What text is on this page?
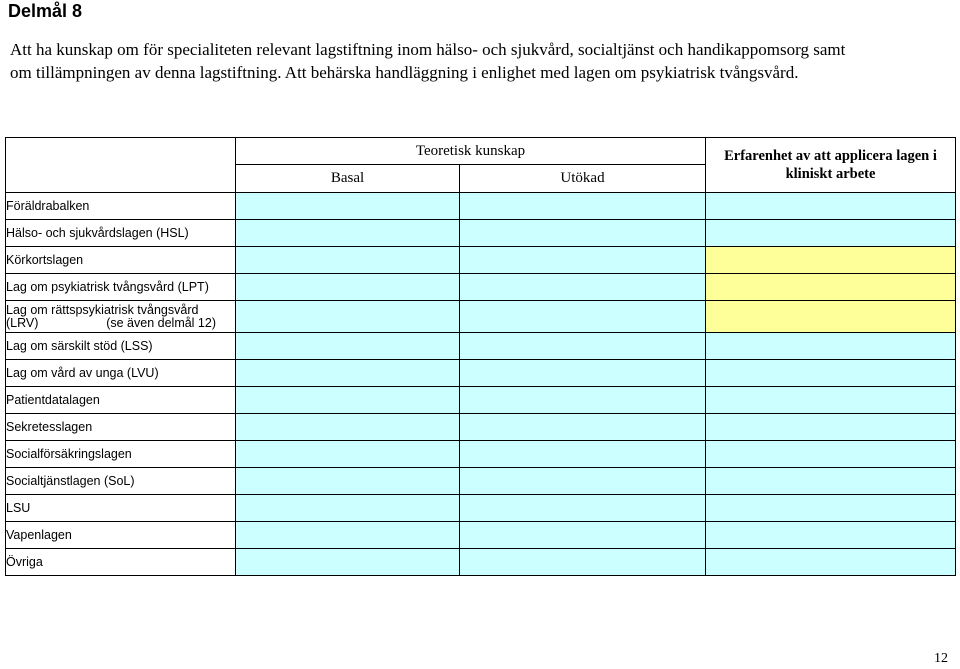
Delmål 8

Att ha kunskap om för specialiteten relevant lagstiftning inom hälso- och sjukvård, socialtjänst och handikappomsorg samt

om tillämpningen av denna lagstiftning. Att behärska handläggning i enlighet med lagen om psykiatrisk tvångsvård.

	Teoretisk kunskap		Erfarenhet av att applicera lagen i kliniskt arbete
	Basal	Utökad	
Föräldrabalken			
Hälso- och sjukvårdslagen (HSL)			
Körkortslagen			
Lag om psykiatrisk tvångsvård (LPT)			

Lag om rättspsykiatrisk tvångsvård
(LRV) (se även delmål 12)			

Lag om särskilt stöd (LSS)			
Lag om vård av unga (LVU)			
Patientdatalagen			
Sekretesslagen			
Socialförsäkringslagen			
Socialtjänstlagen (SoL)			
LSU			
Vapenlagen			
Övriga			
12
